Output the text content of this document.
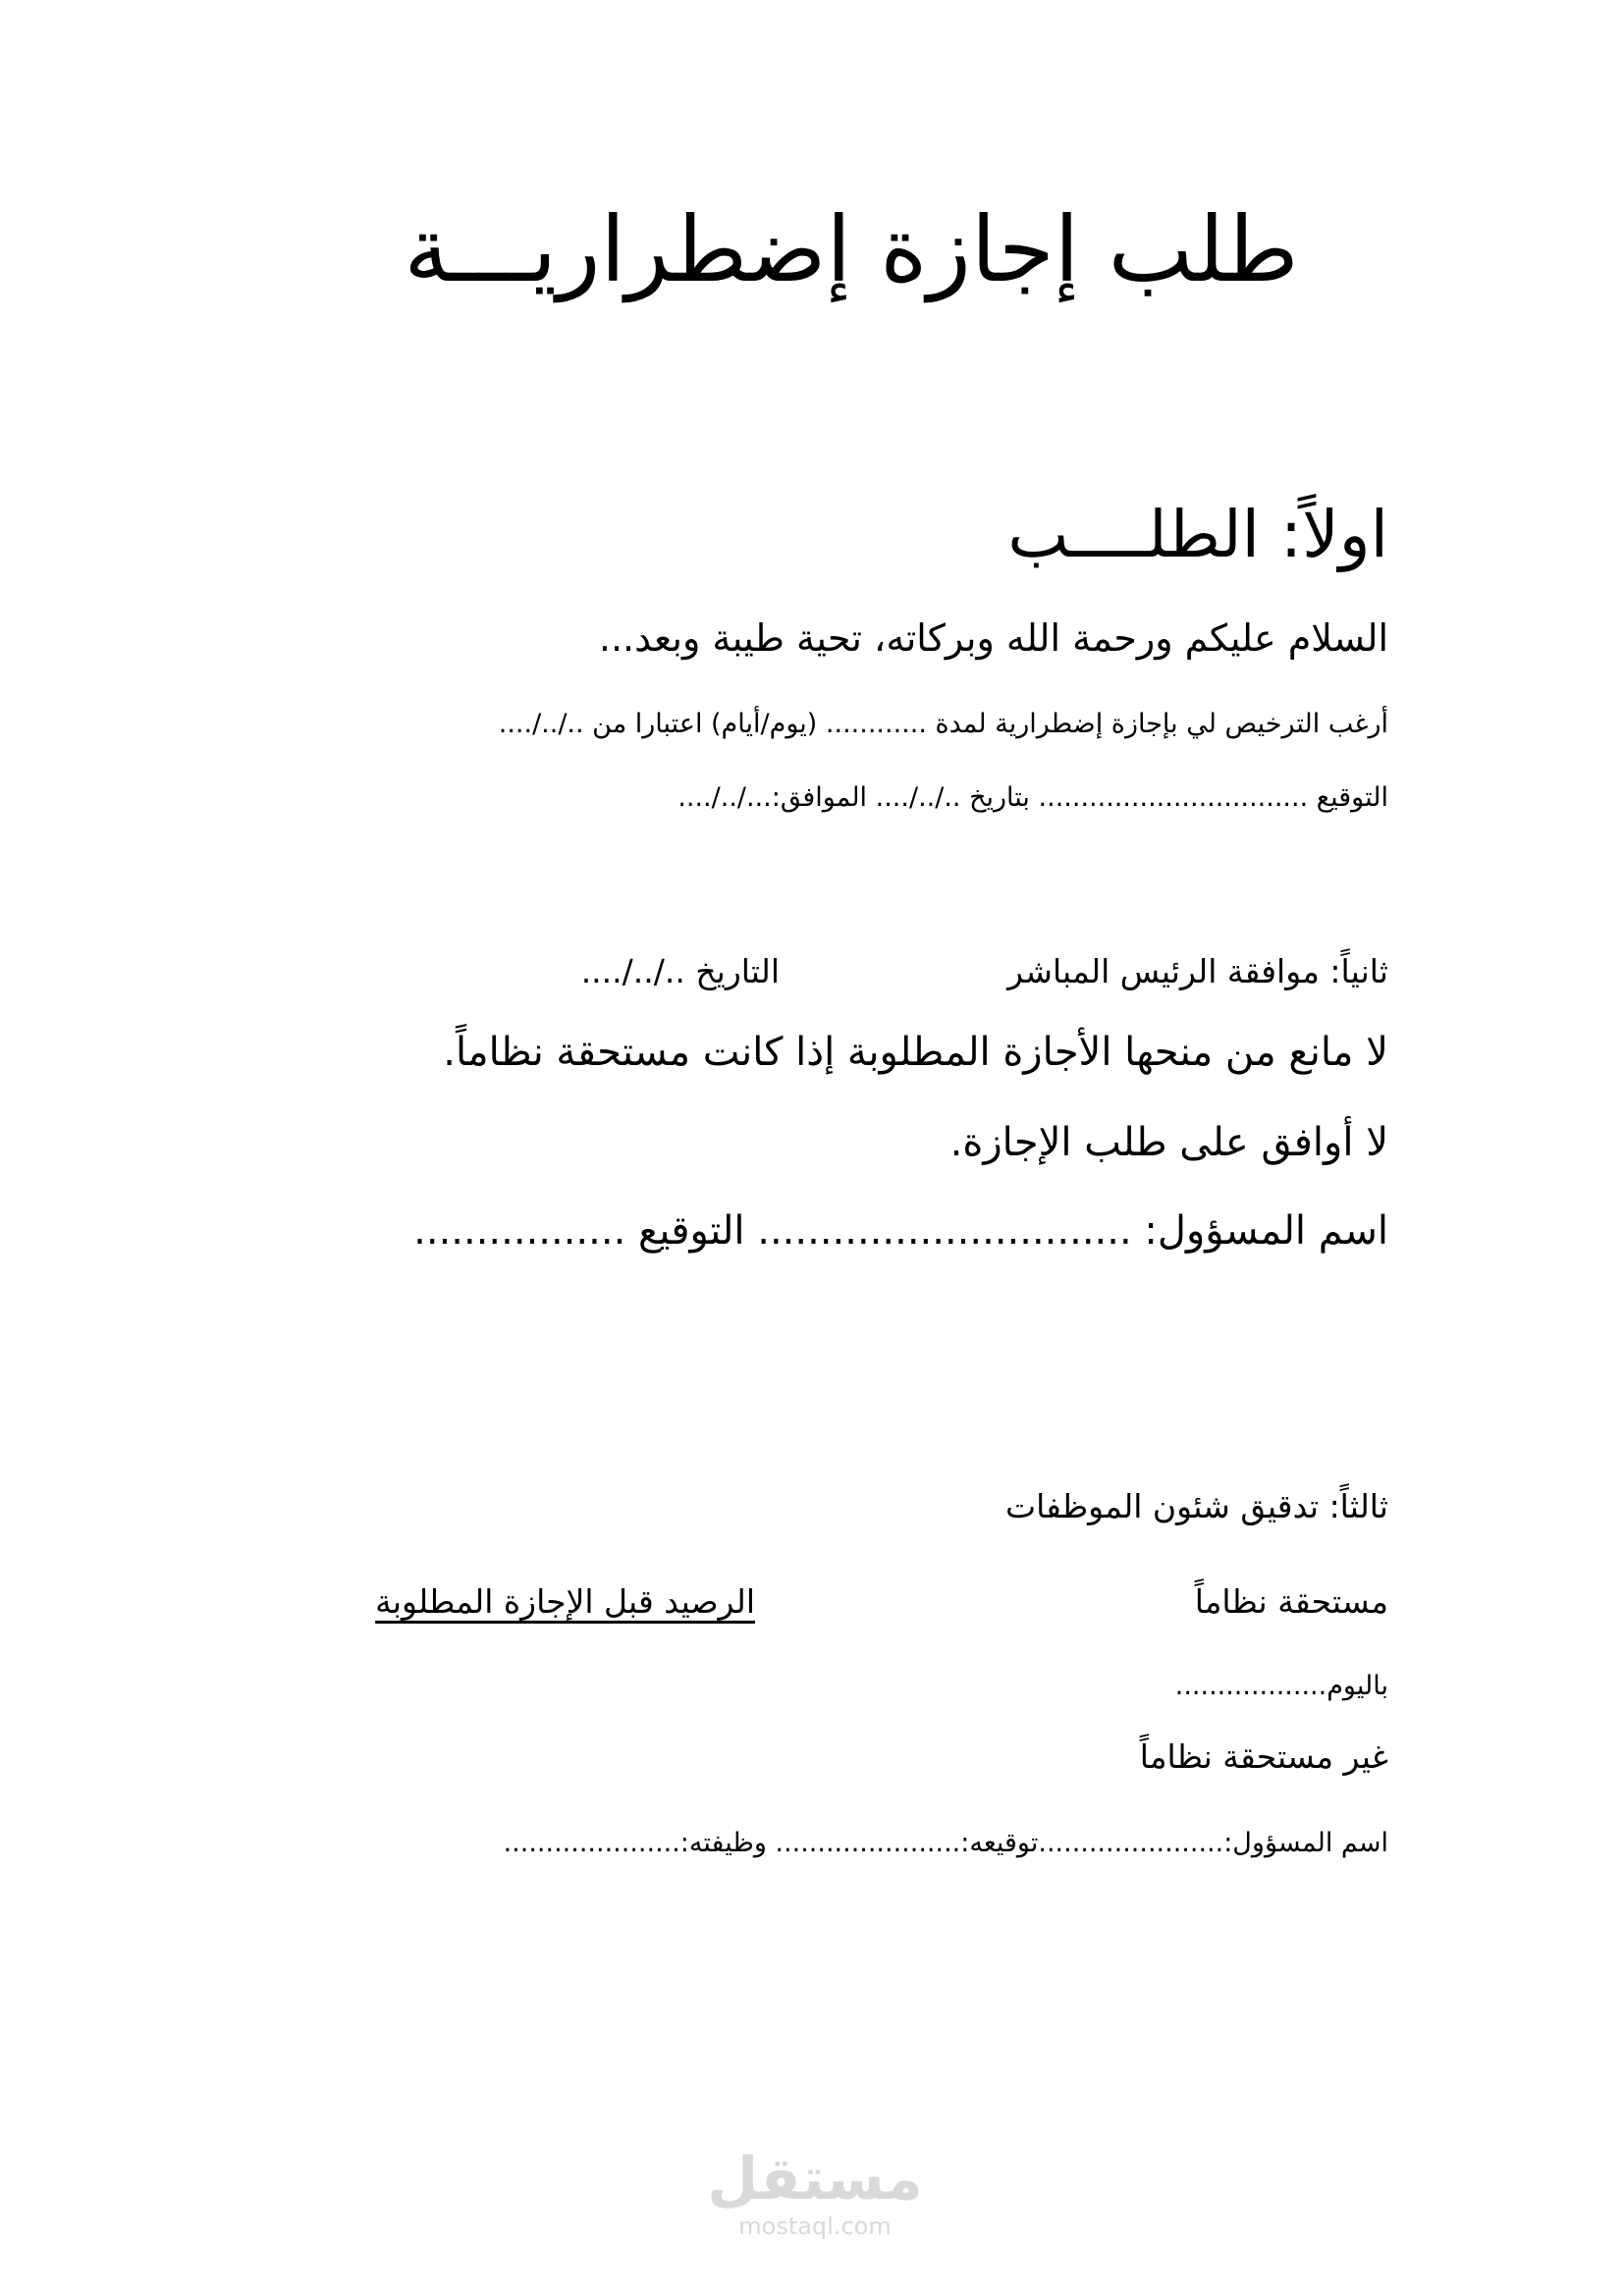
طلب إجازة إضطراريـــة
اولاً: الطلــــب
السلام عليكم ورحمة الله وبركاته، تحية طيبة وبعد...
أرغب الترخيص لي بإجازة إضطرارية لمدة ............ (يوم/أيام) اعتبارا من ../../....
التوقيع ................................ بتاريخ ../../.... الموافق:.../../....
ثانياً: موافقة الرئيس المباشر
التاريخ ../../....
لا مانع من منحها الأجازة المطلوبة إذا كانت مستحقة نظاماً.
لا أوافق على طلب الإجازة.
اسم المسؤول: .............................. التوقيع .................
ثالثاً: تدقيق شئون الموظفات
مستحقة نظاماً
الرصيد قبل الإجازة المطلوبة
باليوم..................
غير مستحقة نظاماً
اسم المسؤول:......................توقيعه:...................... وظيفته:.....................
مستقل
mostaql.com
